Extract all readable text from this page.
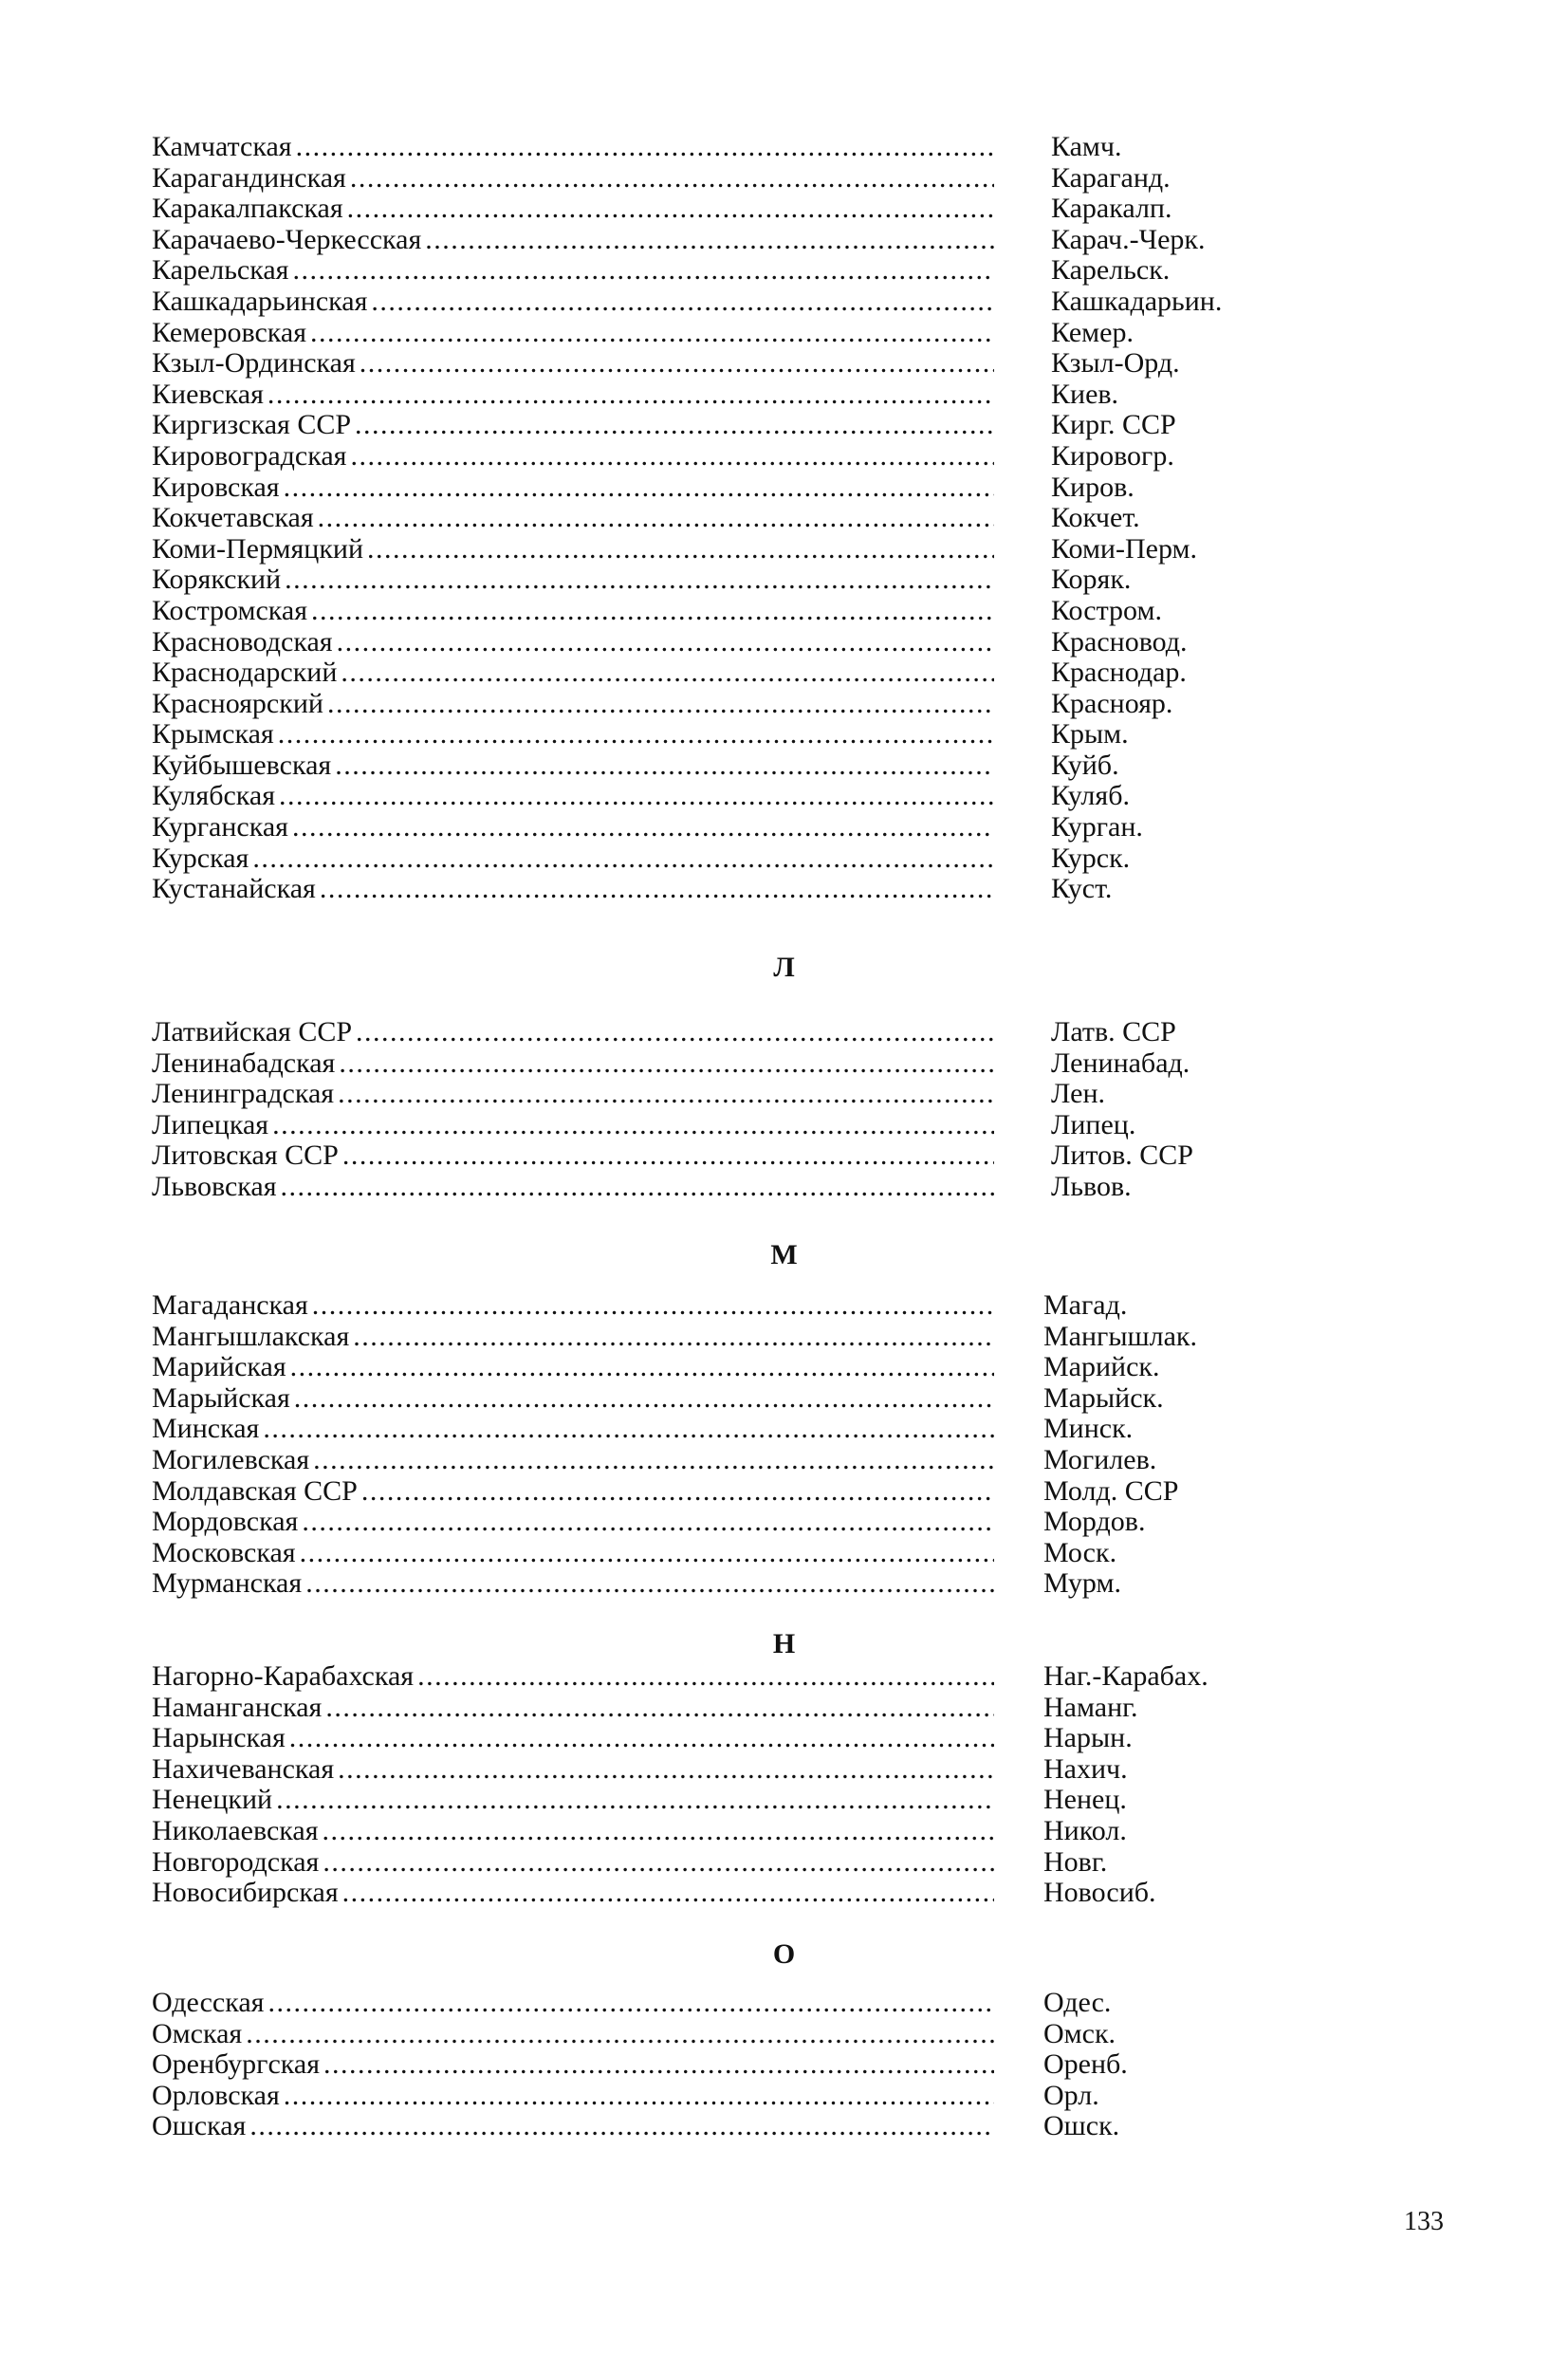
Камчатская . . .	Камч.
Карагандинская . . .	Караганд.
Каракалпакская . . .	Каракалп.
Карачаево-Черкесская . . .	Карач.-Черк.
Карельская . . .	Карельск.
Кашкадарьинская . . .	Кашкадарьин.
Кемеровская . . .	Кемер.
Кзыл-Ординская . . .	Кзыл-Орд.
Киевская . . .	Киев.
Киргизская ССР . . .	Кирг. ССР
Кировоградская . . .	Кировогр.
Кировская . . .	Киров.
Кокчетавская . . .	Кокчет.
Коми-Пермяцкий . . .	Коми-Перм.
Корякский . . .	Коряк.
Костромская . . .	Костром.
Красноводская . . .	Красновод.
Краснодарский . . .	Краснодар.
Красноярский . . .	Краснояр.
Крымская . . .	Крым.
Куйбышевская . . .	Куйб.
Кулябская . . .	Куляб.
Курганская . . .	Курган.
Курская . . .	Курск.
Кустанайская . . .	Куст.
Л
Латвийская ССР . . .	Латв. ССР
Ленинабадская . . .	Ленинабад.
Ленинградская . . .	Лен.
Липецкая . . .	Липец.
Литовская ССР . . .	Литов. ССР
Львовская . . .	Львов.
М
Магаданская . . .	Магад.
Мангышлакская . . .	Мангышлак.
Марийская . . .	Марийск.
Марыйская . . .	Марыйск.
Минская . . .	Минск.
Могилевская . . .	Могилев.
Молдавская ССР . . .	Молд. ССР
Мордовская . . .	Мордов.
Московская . . .	Моск.
Мурманская . . .	Мурм.
Н
Нагорно-Карабахская . . .	Наг.-Карабах.
Наманганская . . .	Наманг.
Нарынская . . .	Нарын.
Нахичеванская . . .	Нахич.
Ненецкий . . .	Ненец.
Николаевская . . .	Никол.
Новгородская . . .	Новг.
Новосибирская . . .	Новосиб.
О
Одесская . . .	Одес.
Омская . . .	Омск.
Оренбургская . . .	Оренб.
Орловская . . .	Орл.
Ошская . . .	Ошск.
133
